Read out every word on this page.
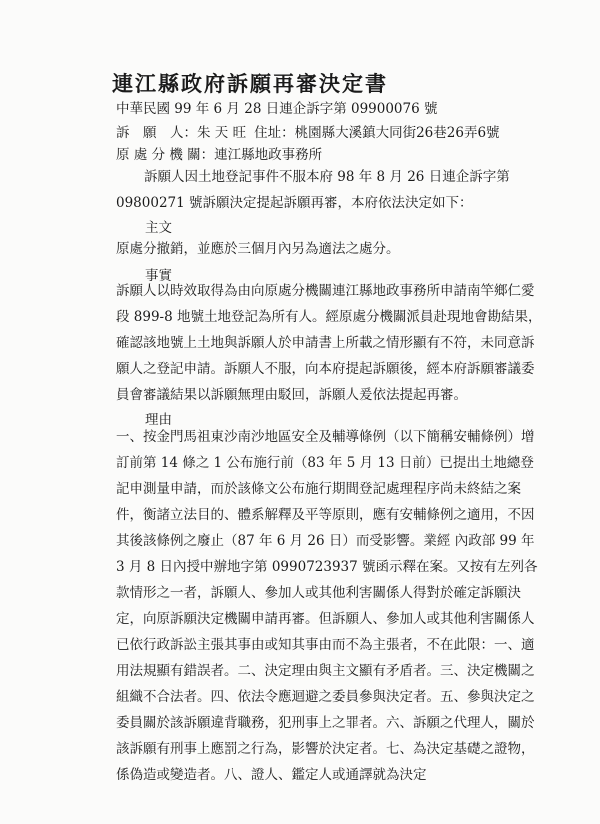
連江縣政府訴願再審決定書
中華民國 99 年 6 月 28 日連企訴字第 09900076 號
訴　願　人：朱 天 旺 住址：桃園縣大溪鎮大同街26巷26弄6號
原 處 分 機 關：連江縣地政事務所
訴願人因土地登記事件不服本府 98 年 8 月 26 日連企訴字第 09800271 號訴願決定提起訴願再審，本府依法決定如下：
主文
原處分撤銷，並應於三個月內另為適法之處分。
事實
訴願人以時效取得為由向原處分機關連江縣地政事務所申請南竿鄉仁愛段 899-8 地號土地登記為所有人。經原處分機關派員赴現地會勘結果，確認該地號上土地與訴願人於申請書上所載之情形顯有不符，未同意訴願人之登記申請。訴願人不服，向本府提起訴願後，經本府訴願審議委員會審議結果以訴願無理由駁回，訴願人爰依法提起再審。
理由
一、按金門馬祖東沙南沙地區安全及輔導條例（以下簡稱安輔條例）增訂前第 14 條之 1 公布施行前（83 年 5 月 13 日前）已提出土地總登記申測量申請，而於該條文公布施行期間登記處理程序尚未終結之案件，衡諸立法目的、體系解釋及平等原則，應有安輔條例之適用，不因其後該條例之廢止（87 年 6 月 26 日）而受影響。業經 內政部 99 年 3 月 8 日內授中辦地字第 0990723937 號函示釋在案。又按有左列各款情形之一者，訴願人、參加人或其他利害關係人得對於確定訴願決定，向原訴願決定機關申請再審。但訴願人、參加人或其他利害關係人已依行政訴訟主張其事由或知其事由而不為主張者，不在此限：一、適用法規顯有錯誤者。二、決定理由與主文顯有矛盾者。三、決定機關之組織不合法者。四、依法令應迴避之委員參與決定者。五、參與決定之委員關於該訴願違背職務，犯刑事上之罪者。六、訴願之代理人，關於該訴願有刑事上應罰之行為，影響於決定者。七、為決定基礎之證物，係偽造或變造者。八、證人、鑑定人或通譯就為決定
